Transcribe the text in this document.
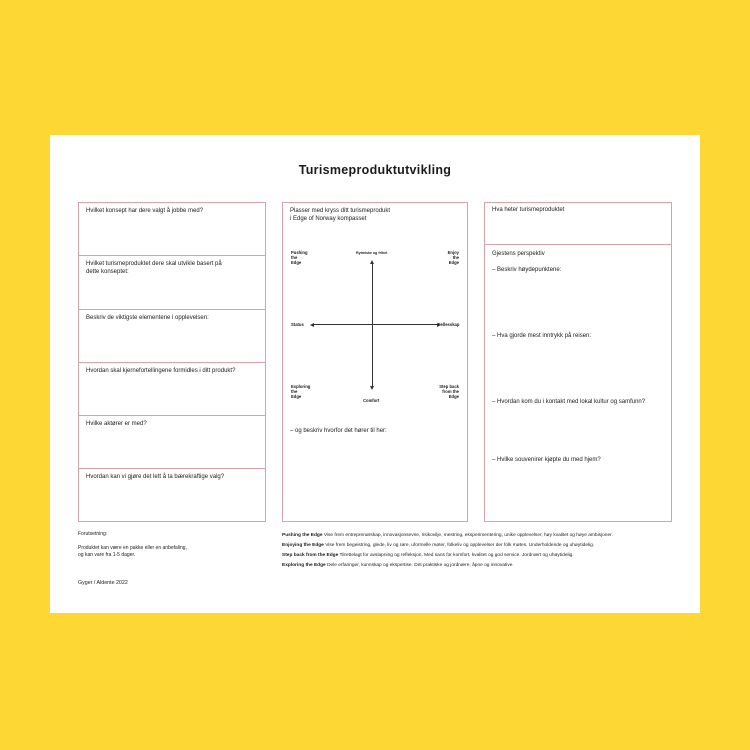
Turismeproduktutvikling
Hvilket konsept har dere valgt å jobbe med?
Hvilket turismeproduktet dere skal utvikle basert på dette konseptet:
Beskriv de viktigste elementene i opplevelsen:
Hvordan skal kjernefortellingene formidles i ditt produkt?
Hvilke aktører er med?
Hvordan kan vi gjøre det lett å ta bærekraftige valg?
Plasser med kryss ditt turismeprodukt
i Edge of Norway kompasset
Rytmiske og frihet
Comfort
Status	Fellesskap
Pushing
the
Edge
Enjoy
the
Edge
Exploring
the
Edge
Step back
from the
Edge
– og beskriv hvorfor det hører til her:
Hva heter turismeproduktet
Gjestens perspektiv
– Beskriv høydepunktene:
– Hva gjorde mest inntrykk på reisen:
– Hvordan kom du i kontakt med lokal kultur og samfunn?
– Hvilke souvenirer kjøpte du med hjem?
Forutsetning:
Produktet kan være en pakke eller en anbefaling,
og kan vare fra 1-5 dager.
Gyger / Aldente 2022
Pushing the Edge Vise frem entreprenørskap, innovasjonsevne, risikovilje, mestring, eksperimentering, unike opplevelser, høy kvalitet og høye ambisjoner.
Enjoying the Edge Vise frem begeistring, glede, liv og røre, uformelle møter, folkeliv og opplevelser der folk møtes. Underholdende og uhøytidelig.
Step back from the Edge Tilrettelagt for avslapning og refleksjon. Med sans for komfort, kvalitet og god service. Jordnært og uhøytidelig.
Exploring the Edge Dele erfaringer, kunnskap og ekspertise. Det praktiske og jordnære, åpne og innovative.
